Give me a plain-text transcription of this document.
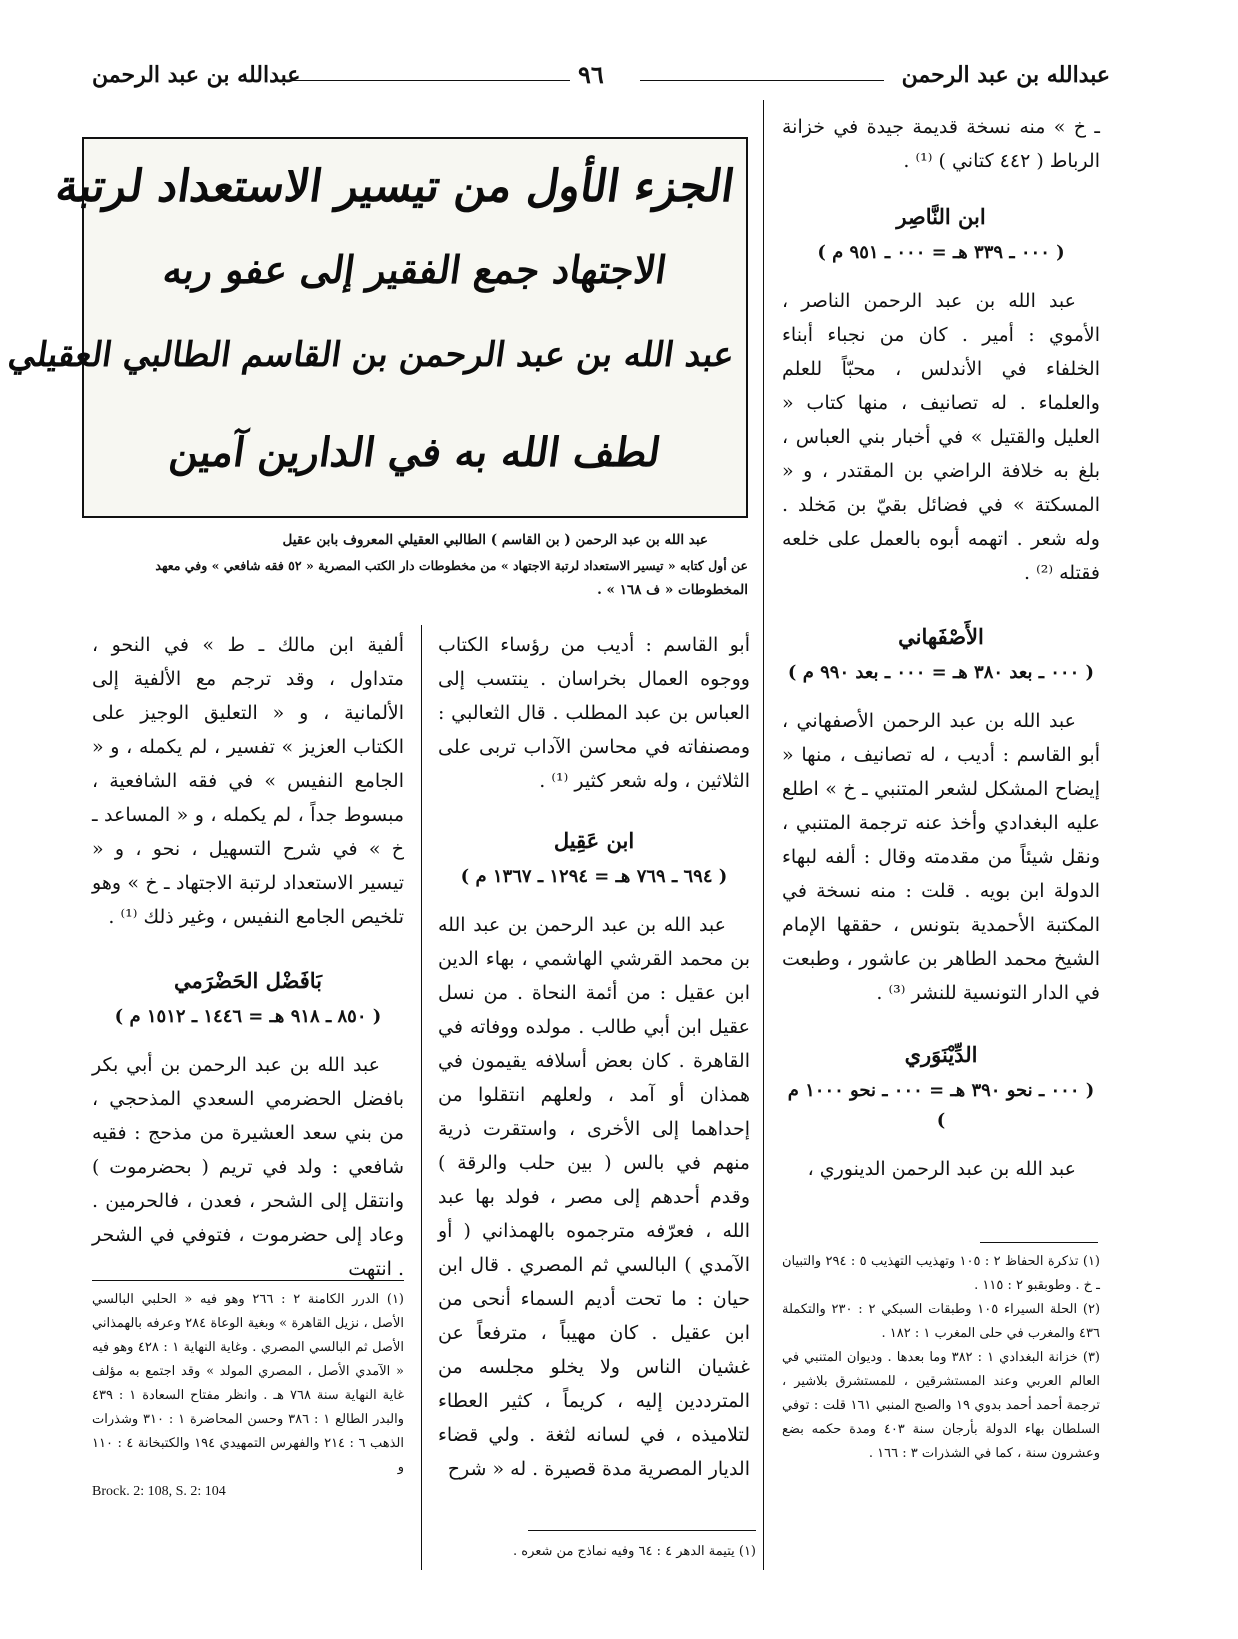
عبدالله بن عبد الرحمن
٩٦
عبدالله بن عبد الرحمن
الجزء الأول من تيسير الاستعداد لرتبة
الاجتهاد جمع الفقير إلى عفو ربه
عبد الله بن عبد الرحمن بن القاسم الطالبي العقيلي
لطف الله به في الدارين آمين

عبد الله بن عبد الرحمن ( بن القاسم ) الطالبي العقيلي المعروف بابن عقيل

عن أول كتابه « تيسير الاستعداد لرتبة الاجتهاد » من مخطوطات دار الكتب المصرية « ٥٢ فقه شافعي » وفي معهد

المخطوطات « ف ١٦٨ » .

ـ خ » منه نسخة قديمة جيدة في خزانة الرباط ( ٤٤٢ كتاني ) ⁽¹⁾ .

ابن النَّاصِر
( ٠٠٠ ـ ٣٣٩ هـ = ٠٠٠ ـ ٩٥١ م )

عبد الله بن عبد الرحمن الناصر ، الأموي : أمير . كان من نجباء أبناء الخلفاء في الأندلس ، محبّاً للعلم والعلماء . له تصانيف ، منها كتاب « العليل والقتيل » في أخبار بني العباس ، بلغ به خلافة الراضي بن المقتدر ، و « المسكتة » في فضائل بقيّ بن مَخلد . وله شعر . اتهمه أبوه بالعمل على خلعه فقتله ⁽²⁾ .

الأَصْفَهاني
( ٠٠٠ ـ بعد ٣٨٠ هـ = ٠٠٠ ـ بعد ٩٩٠ م )

عبد الله بن عبد الرحمن الأصفهاني ، أبو القاسم : أديب ، له تصانيف ، منها « إيضاح المشكل لشعر المتنبي ـ خ » اطلع عليه البغدادي وأخذ عنه ترجمة المتنبي ، ونقل شيئاً من مقدمته وقال : ألفه لبهاء الدولة ابن بويه . قلت : منه نسخة في المكتبة الأحمدية بتونس ، حققها الإمام الشيخ محمد الطاهر بن عاشور ، وطبعت في الدار التونسية للنشر ⁽³⁾ .

الدِّيْنَوَري
( ٠٠٠ ـ نحو ٣٩٠ هـ = ٠٠٠ ـ نحو ١٠٠٠ م )

عبد الله بن عبد الرحمن الدينوري ،

(١) تذكرة الحفاظ ٢ : ١٠٥ وتهذيب التهذيب ٥ : ٢٩٤ والتبيان ـ خ . وطوبقبو ٢ : ١١٥ .

(٢) الحلة السيراء ١٠٥ وطبقات السبكي ٢ : ٢٣٠ والتكملة ٤٣٦ والمغرب في حلى المغرب ١ : ١٨٢ .

(٣) خزانة البغدادي ١ : ٣٨٢ وما بعدها . وديوان المتنبي في العالم العربي وعند المستشرقين ، للمستشرق بلاشير ، ترجمة أحمد أحمد بدوي ١٩ والصبح المنبي ١٦١ قلت : توفي السلطان بهاء الدولة بأرجان سنة ٤٠٣ ومدة حكمه بضع وعشرون سنة ، كما في الشذرات ٣ : ١٦٦ .

أبو القاسم : أديب من رؤساء الكتاب ووجوه العمال بخراسان . ينتسب إلى العباس بن عبد المطلب . قال الثعالبي : ومصنفاته في محاسن الآداب تربى على الثلاثين ، وله شعر كثير ⁽¹⁾ .

ابن عَقِيل
( ٦٩٤ ـ ٧٦٩ هـ = ١٢٩٤ ـ ١٣٦٧ م )

عبد الله بن عبد الرحمن بن عبد الله بن محمد القرشي الهاشمي ، بهاء الدين ابن عقيل : من أئمة النحاة . من نسل عقيل ابن أبي طالب . مولده ووفاته في القاهرة . كان بعض أسلافه يقيمون في همذان أو آمد ، ولعلهم انتقلوا من إحداهما إلى الأخرى ، واستقرت ذرية منهم في بالس ( بين حلب والرقة ) وقدم أحدهم إلى مصر ، فولد بها عبد الله ، فعرّفه مترجموه بالهمذاني ( أو الآمدي ) البالسي ثم المصري . قال ابن حيان : ما تحت أديم السماء أنحى من ابن عقيل . كان مهيباً ، مترفعاً عن غشيان الناس ولا يخلو مجلسه من المترددين إليه ، كريماً ، كثير العطاء لتلاميذه ، في لسانه لثغة . ولي قضاء الديار المصرية مدة قصيرة . له « شرح

(١) يتيمة الدهر ٤ : ٦٤ وفيه نماذج من شعره .

ألفية ابن مالك ـ ط » في النحو ، متداول ، وقد ترجم مع الألفية إلى الألمانية ، و « التعليق الوجيز على الكتاب العزيز » تفسير ، لم يكمله ، و « الجامع النفيس » في فقه الشافعية ، مبسوط جداً ، لم يكمله ، و « المساعد ـ خ » في شرح التسهيل ، نحو ، و « تيسير الاستعداد لرتبة الاجتهاد ـ خ » وهو تلخيص الجامع النفيس ، وغير ذلك ⁽¹⁾ .

بَافَضْل الحَضْرَمي
( ٨٥٠ ـ ٩١٨ هـ = ١٤٤٦ ـ ١٥١٢ م )

عبد الله بن عبد الرحمن بن أبي بكر بافضل الحضرمي السعدي المذحجي ، من بني سعد العشيرة من مذحج : فقيه شافعي : ولد في تريم ( بحضرموت ) وانتقل إلى الشحر ، فعدن ، فالحرمين . وعاد إلى حضرموت ، فتوفي في الشحر . انتهت

(١) الدرر الكامنة ٢ : ٢٦٦ وهو فيه « الحلبي البالسي الأصل ، نزيل القاهرة » وبغية الوعاة ٢٨٤ وعرفه بالهمذاني الأصل ثم البالسي المصري . وغاية النهاية ١ : ٤٢٨ وهو فيه « الآمدي الأصل ، المصري المولد » وقد اجتمع به مؤلف غاية النهاية سنة ٧٦٨ هـ . وانظر مفتاح السعادة ١ : ٤٣٩ والبدر الطالع ١ : ٣٨٦ وحسن المحاضرة ١ : ٣١٠ وشذرات الذهب ٦ : ٢١٤ والفهرس التمهيدي ١٩٤ والكتبخانة ٤ : ١١٠ و

Brock. 2: 108, S. 2: 104
